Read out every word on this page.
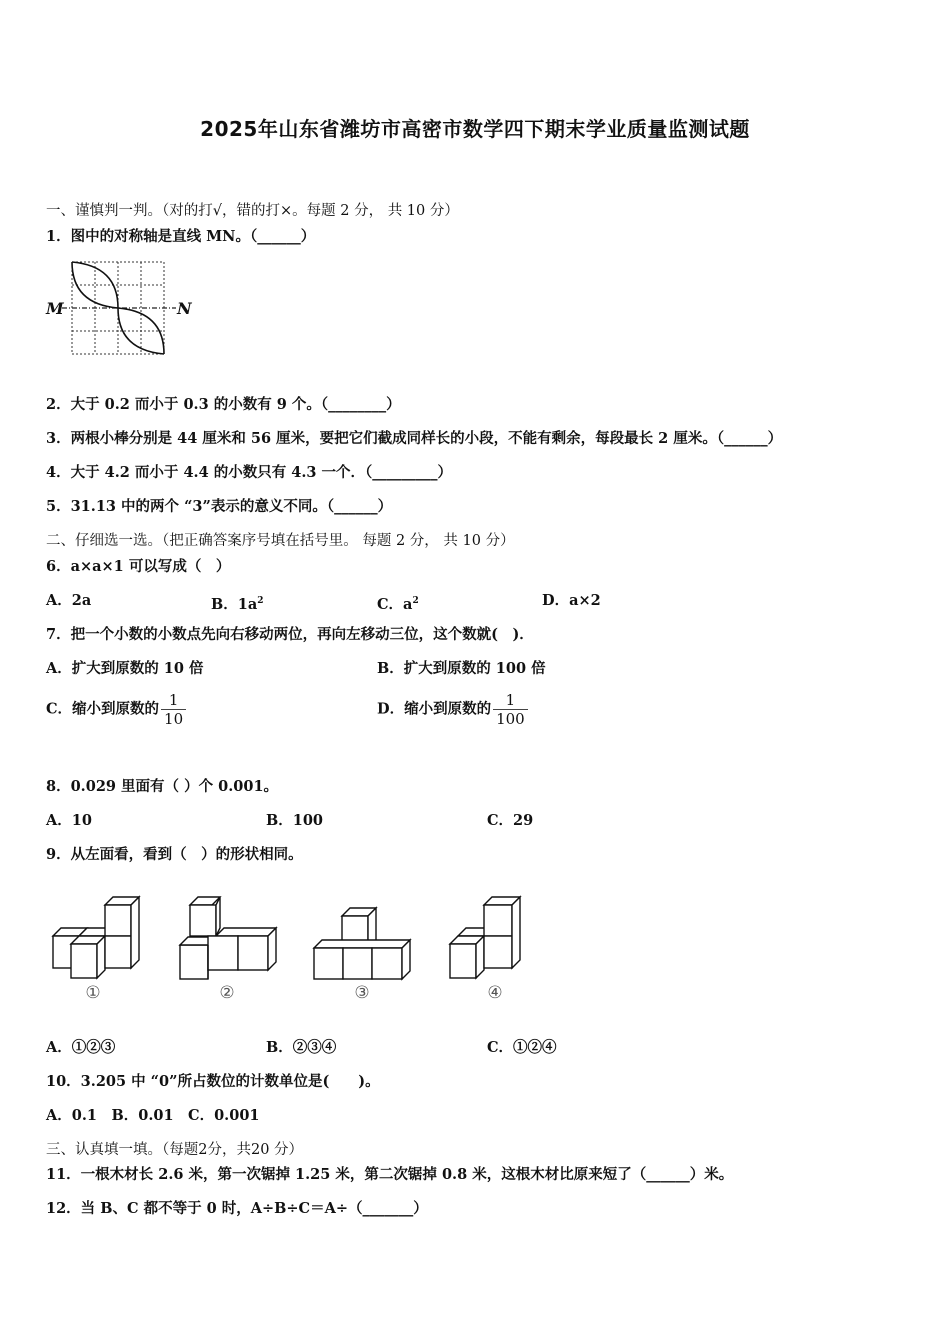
2025年山东省潍坊市高密市数学四下期末学业质量监测试题
一、谨慎判一判。（对的打√，错的打×。每题 2 分， 共 10 分）
1．图中的对称轴是直线 MN。（______）
M	N
2．大于 0.2 而小于 0.3 的小数有 9 个。（________）
3．两根小棒分别是 44 厘米和 56 厘米，要把它们截成同样长的小段，不能有剩余，每段最长 2 厘米。（______）
4．大于 4.2 而小于 4.4 的小数只有 4.3 一个．（_________）
5．31.13 中的两个 “3”表示的意义不同。（______）
二、仔细选一选。（把正确答案序号填在括号里。 每题 2 分， 共 10 分）
6．a×a×1 可以写成（　）
A．2a	B．$1a^2$	C．$a^2$	D．a×2
7．把一个小数的小数点先向右移动两位，再向左移动三位，这个数就(　)．
A．扩大到原数的 10 倍	B．扩大到原数的 100 倍
C．缩小到原数的 $\frac{1}{10}$	D．缩小到原数的 $\frac{1}{100}$
8．0.029 里面有（ ）个 0.001。
A．10	B．100	C．29
9．从左面看，看到（　）的形状相同。
①	②	③	④
A．①②③	B．②③④	C．①②④
10．3.205 中 “0”所占数位的计数单位是(　　)。
A．0.1　B．0.01　C．0.001
三、认真填一填。（每题2分，共20 分）
11．一根木材长 2.6 米，第一次锯掉 1.25 米，第二次锯掉 0.8 米，这根木材比原来短了（______）米。
12．当 B、C 都不等于 0 时，A÷B÷C＝A÷（_______）
